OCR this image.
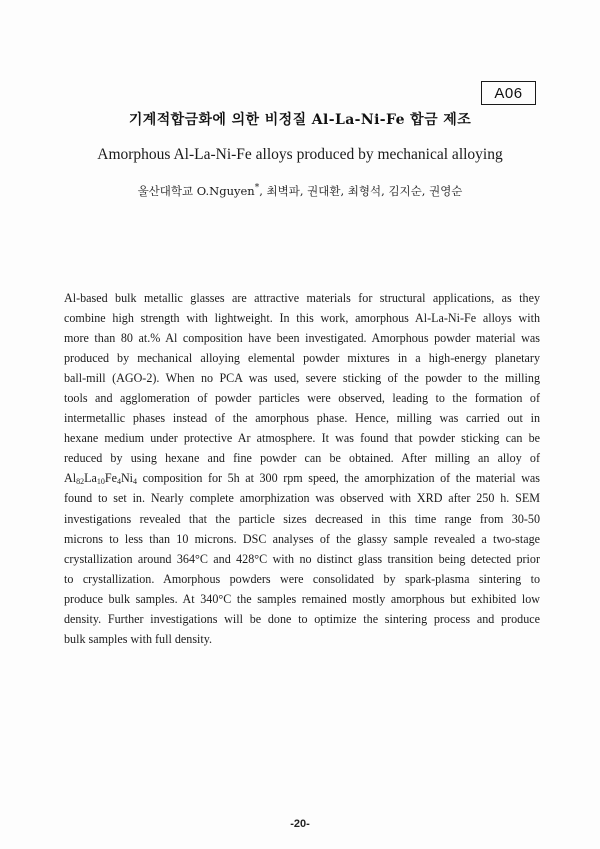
A06
기계적합금화에 의한 비정질 Al-La-Ni-Fe 합금 제조
Amorphous Al-La-Ni-Fe alloys produced by mechanical alloying
울산대학교 O.Nguyen*, 최벽파, 권대환, 최형석, 김지순, 권영순
Al-based bulk metallic glasses are attractive materials for structural applications, as they
combine high strength with lightweight. In this work, amorphous Al-La-Ni-Fe alloys with
more than 80 at.% Al composition have been investigated. Amorphous powder material was
produced by mechanical alloying elemental powder mixtures in a high-energy planetary
ball-mill (AGO-2). When no PCA was used, severe sticking of the powder to the milling
tools and agglomeration of powder particles were observed, leading to the formation of
intermetallic phases instead of the amorphous phase. Hence, milling was carried out in
hexane medium under protective Ar atmosphere. It was found that powder sticking can be
reduced by using hexane and fine powder can be obtained. After milling an alloy of
$Al_{82}La_{10}Fe_4Ni_4$ composition for 5h at 300 rpm speed, the amorphization of the material was
found to set in. Nearly complete amorphization was observed with XRD after 250 h. SEM
investigations revealed that the particle sizes decreased in this time range from 30-50
microns to less than 10 microns. DSC analyses of the glassy sample revealed a two-stage
crystallization around 364°C and 428°C with no distinct glass transition being detected prior
to crystallization. Amorphous powders were consolidated by spark-plasma sintering to
produce bulk samples. At 340°C the samples remained mostly amorphous but exhibited low
density. Further investigations will be done to optimize the sintering process and produce
bulk samples with full density.
-20-
